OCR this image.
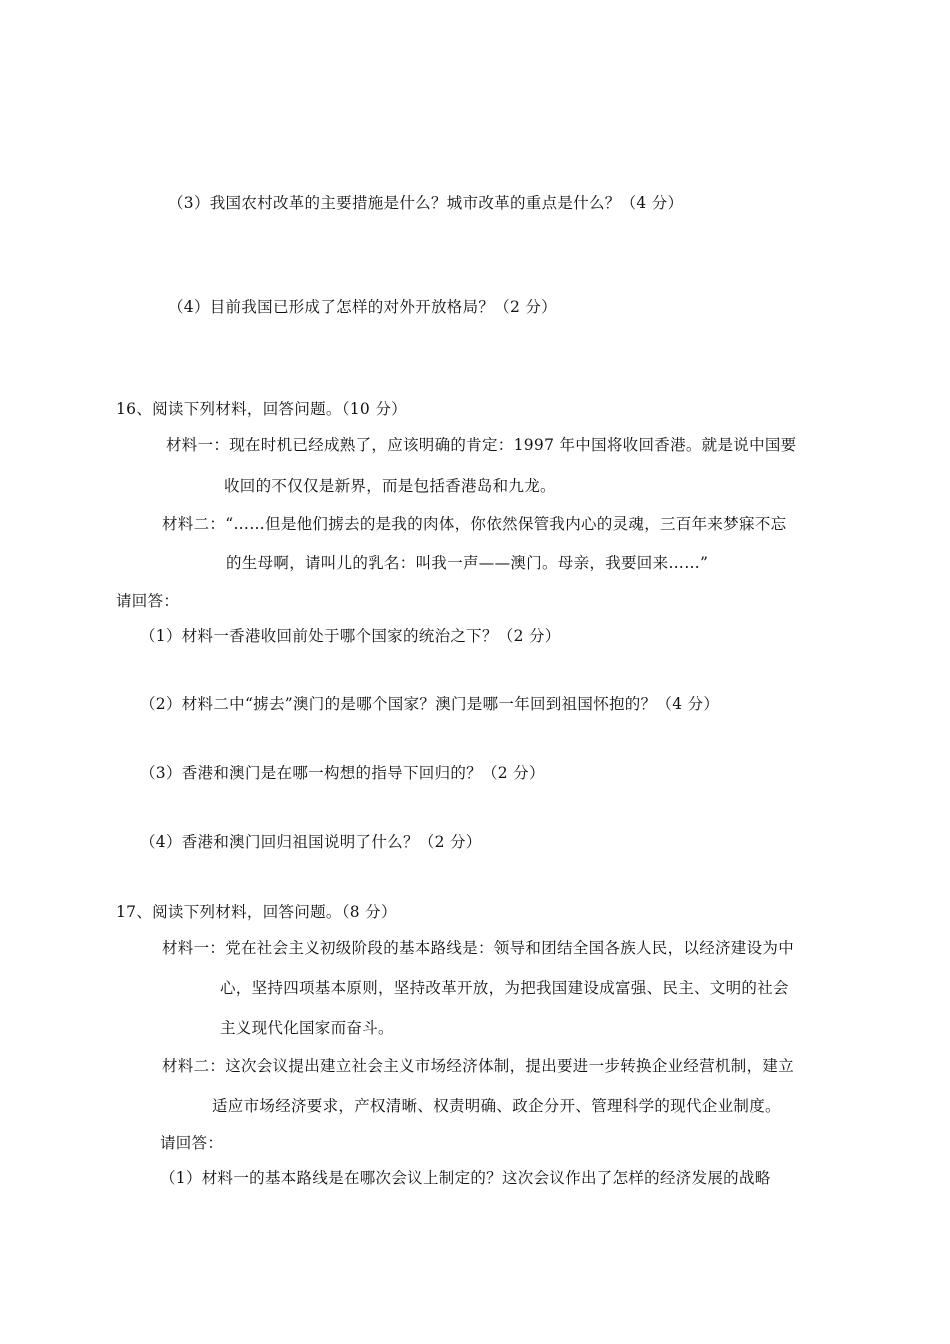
（3）我国农村改革的主要措施是什么？城市改革的重点是什么？（4 分）
（4）目前我国已形成了怎样的对外开放格局？（2 分）
16、阅读下列材料，回答问题。（10 分）
材料一：现在时机已经成熟了，应该明确的肯定：1997 年中国将收回香港。就是说中国要
收回的不仅仅是新界，而是包括香港岛和九龙。
材料二：“……但是他们掳去的是我的肉体，你依然保管我内心的灵魂，三百年来梦寐不忘
的生母啊，请叫儿的乳名：叫我一声——澳门。母亲，我要回来……”
请回答：
（1）材料一香港收回前处于哪个国家的统治之下？（2 分）
（2）材料二中“掳去”澳门的是哪个国家？澳门是哪一年回到祖国怀抱的？（4 分）
（3）香港和澳门是在哪一构想的指导下回归的？（2 分）
（4）香港和澳门回归祖国说明了什么？（2 分）
17、阅读下列材料，回答问题。（8 分）
材料一：党在社会主义初级阶段的基本路线是：领导和团结全国各族人民，以经济建设为中
心，坚持四项基本原则，坚持改革开放，为把我国建设成富强、民主、文明的社会
主义现代化国家而奋斗。
材料二：这次会议提出建立社会主义市场经济体制，提出要进一步转换企业经营机制，建立
适应市场经济要求，产权清晰、权责明确、政企分开、管理科学的现代企业制度。
请回答：
（1）材料一的基本路线是在哪次会议上制定的？这次会议作出了怎样的经济发展的战略
